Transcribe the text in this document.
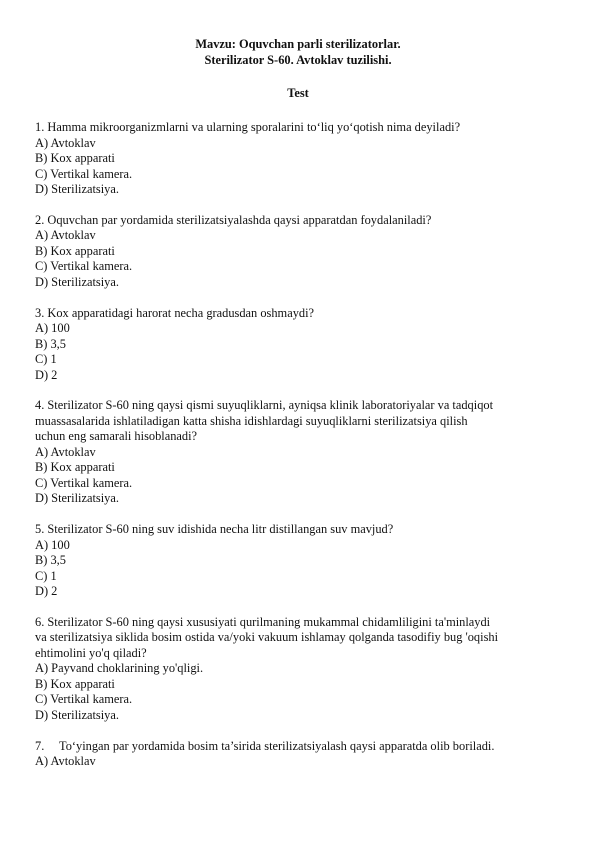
Mavzu: Oquvchan parli sterilizatorlar.
Sterilizator S-60. Avtoklav tuzilishi.
Test

1. Hamma mikroorganizmlarni va ularning sporalarini to‘liq yo‘qotish nima deyiladi?

A) Avtoklav

B) Kox apparati

C) Vertikal kamera.

D) Sterilizatsiya.

2. Oquvchan par yordamida sterilizatsiyalashda qaysi apparatdan foydalaniladi?

A) Avtoklav

B) Kox apparati

C) Vertikal kamera.

D) Sterilizatsiya.

3. Kox apparatidagi harorat necha gradusdan oshmaydi?

A) 100

B) 3,5

C) 1

D) 2

4. Sterilizator S-60 ning qaysi qismi suyuqliklarni, ayniqsa klinik laboratoriyalar va tadqiqot

muassasalarida ishlatiladigan katta shisha idishlardagi suyuqliklarni sterilizatsiya qilish

uchun eng samarali hisoblanadi?

A) Avtoklav

B) Kox apparati

C) Vertikal kamera.

D) Sterilizatsiya.

5. Sterilizator S-60 ning suv idishida necha litr distillangan suv mavjud?

A) 100

B) 3,5

C) 1

D) 2

6. Sterilizator S-60 ning qaysi xususiyati qurilmaning mukammal chidamliligini ta'minlaydi

va sterilizatsiya siklida bosim ostida va/yoki vakuum ishlamay qolganda tasodifiy bug 'oqishi

ehtimolini yo'q qiladi?

A) Payvand choklarining yo'qligi.

B) Kox apparati

C) Vertikal kamera.

D) Sterilizatsiya.

7. To‘yingan par yordamida bosim ta’sirida sterilizatsiyalash qaysi apparatda olib boriladi.

A) Avtoklav
